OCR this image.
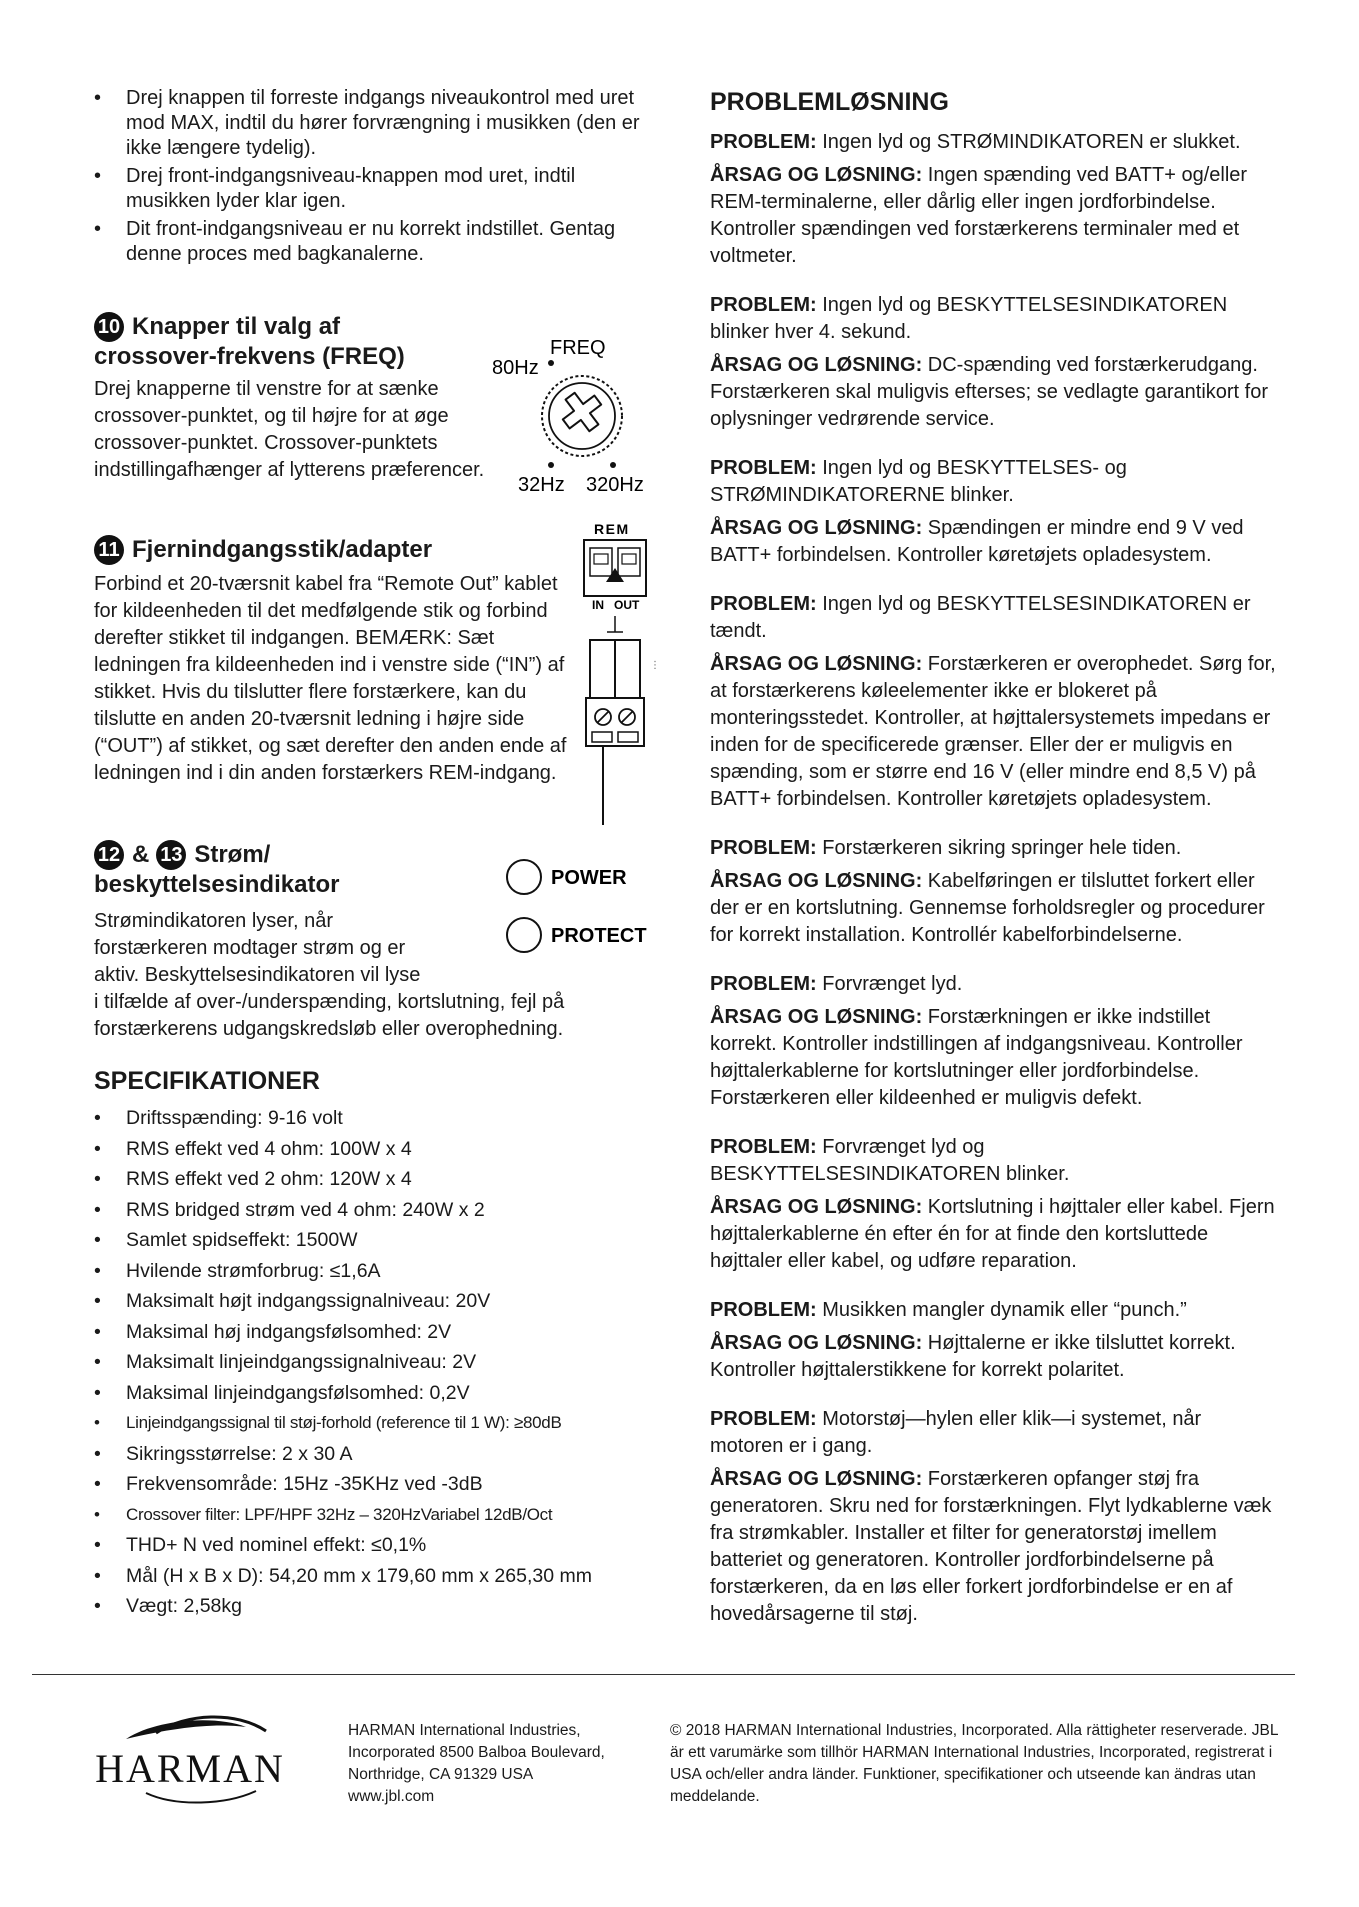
• Drej knappen til forreste indgangs niveaukontrol med uret mod MAX, indtil du hører forvrængning i musikken (den er ikke længere tydelig).
• Drej front-indgangsniveau-knappen mod uret, indtil musikken lyder klar igen.
• Dit front-indgangsniveau er nu korrekt indstillet. Gentag denne proces med bagkanalerne.
10 Knapper til valg af
crossover-frekvens (FREQ)
Drej knapperne til venstre for at sænke crossover-punktet, og til højre for at øge crossover-punktet. Crossover-punktets indstillingafhænger af lytterens præferencer.
FREQ
80Hz
32Hz 320Hz
11 Fjernindgangsstik/adapter
Forbind et 20-tværsnit kabel fra “Remote Out” kablet for kildeenheden til det medfølgende stik og forbind derefter stikket til indgangen. BEMÆRK: Sæt ledningen fra kildeenheden ind i venstre side (“IN”) af stikket. Hvis du tilslutter flere forstærkere, kan du tilslutte en anden 20-tværsnit ledning i højre side (“OUT”) af stikket, og sæt derefter den anden ende af ledningen ind i din anden forstærkers REM-indgang.
REM
IN OUT
⋮
12 & 13 Strøm/
beskyttelsesindikator
Strømindikatoren lyser, når
forstærkeren modtager strøm og er
aktiv. Beskyttelsesindikatoren vil lyse
i tilfælde af over-/underspænding, kortslutning, fejl på forstærkerens udgangskredsløb eller overophedning.
POWER
PROTECT
SPECIFIKATIONER
• Driftsspænding: 9-16 volt
• RMS effekt ved 4 ohm: 100W x 4
• RMS effekt ved 2 ohm: 120W x 4
• RMS bridged strøm ved 4 ohm: 240W x 2
• Samlet spidseffekt: 1500W
• Hvilende strømforbrug: ≤1,6A
• Maksimalt højt indgangssignalniveau: 20V
• Maksimal høj indgangsfølsomhed: 2V
• Maksimalt linjeindgangssignalniveau: 2V
• Maksimal linjeindgangsfølsomhed: 0,2V
• Linjeindgangssignal til støj-forhold (reference til 1 W): ≥80dB
• Sikringsstørrelse: 2 x 30 A
• Frekvensområde: 15Hz -35KHz ved -3dB
• Crossover filter: LPF/HPF 32Hz – 320HzVariabel 12dB/Oct
• THD+ N ved nominel effekt: ≤0,1%
• Mål (H x B x D): 54,20 mm x 179,60 mm x 265,30 mm
• Vægt: 2,58kg
PROBLEMLØSNING

PROBLEM: Ingen lyd og STRØMINDIKATOREN er slukket.

ÅRSAG OG LØSNING: Ingen spænding ved BATT+ og/eller REM-terminalerne, eller dårlig eller ingen jordforbindelse. Kontroller spændingen ved forstærkerens terminaler med et voltmeter.

PROBLEM: Ingen lyd og BESKYTTELSESINDIKATOREN blinker hver 4. sekund.

ÅRSAG OG LØSNING: DC-spænding ved forstærkerudgang. Forstærkeren skal muligvis efterses; se vedlagte garantikort for oplysninger vedrørende service.

PROBLEM: Ingen lyd og BESKYTTELSES- og STRØMINDIKATORERNE blinker.

ÅRSAG OG LØSNING: Spændingen er mindre end 9 V ved BATT+ forbindelsen. Kontroller køretøjets opladesystem.

PROBLEM: Ingen lyd og BESKYTTELSESINDIKATOREN er tændt.

ÅRSAG OG LØSNING: Forstærkeren er overophedet. Sørg for, at forstærkerens køleelementer ikke er blokeret på monteringsstedet. Kontroller, at højttalersystemets impedans er inden for de specificerede grænser. Eller der er muligvis en spænding, som er større end 16 V (eller mindre end 8,5 V) på BATT+ forbindelsen. Kontroller køretøjets opladesystem.

PROBLEM: Forstærkeren sikring springer hele tiden.

ÅRSAG OG LØSNING: Kabelføringen er tilsluttet forkert eller der er en kortslutning. Gennemse forholdsregler og procedurer for korrekt installation. Kontrollér kabelforbindelserne.

PROBLEM: Forvrænget lyd.

ÅRSAG OG LØSNING: Forstærkningen er ikke indstillet korrekt. Kontroller indstillingen af indgangsniveau. Kontroller højttalerkablerne for kortslutninger eller jordforbindelse. Forstærkeren eller kildeenhed er muligvis defekt.

PROBLEM: Forvrænget lyd og BESKYTTELSESINDIKATOREN blinker.

ÅRSAG OG LØSNING: Kortslutning i højttaler eller kabel. Fjern højttalerkablerne én efter én for at finde den kortsluttede højttaler eller kabel, og udføre reparation.

PROBLEM: Musikken mangler dynamik eller “punch.”

ÅRSAG OG LØSNING: Højttalerne er ikke tilsluttet korrekt. Kontroller højttalerstikkene for korrekt polaritet.

PROBLEM: Motorstøj—hylen eller klik—i systemet, når motoren er i gang.

ÅRSAG OG LØSNING: Forstærkeren opfanger støj fra generatoren. Skru ned for forstærkningen. Flyt lydkablerne væk fra strømkabler. Installer et filter for generatorstøj imellem batteriet og generatoren. Kontroller jordforbindelserne på forstærkeren, da en løs eller forkert jordforbindelse er en af hovedårsagerne til støj.

HARMAN
HARMAN International Industries,
Incorporated 8500 Balboa Boulevard,
Northridge, CA 91329 USA
www.jbl.com
© 2018 HARMAN International Industries, Incorporated. Alla rättigheter reserverade. JBL är ett varumärke som tillhör HARMAN International Industries, Incorporated, registrerat i USA och/eller andra länder. Funktioner, specifikationer och utseende kan ändras utan meddelande.
